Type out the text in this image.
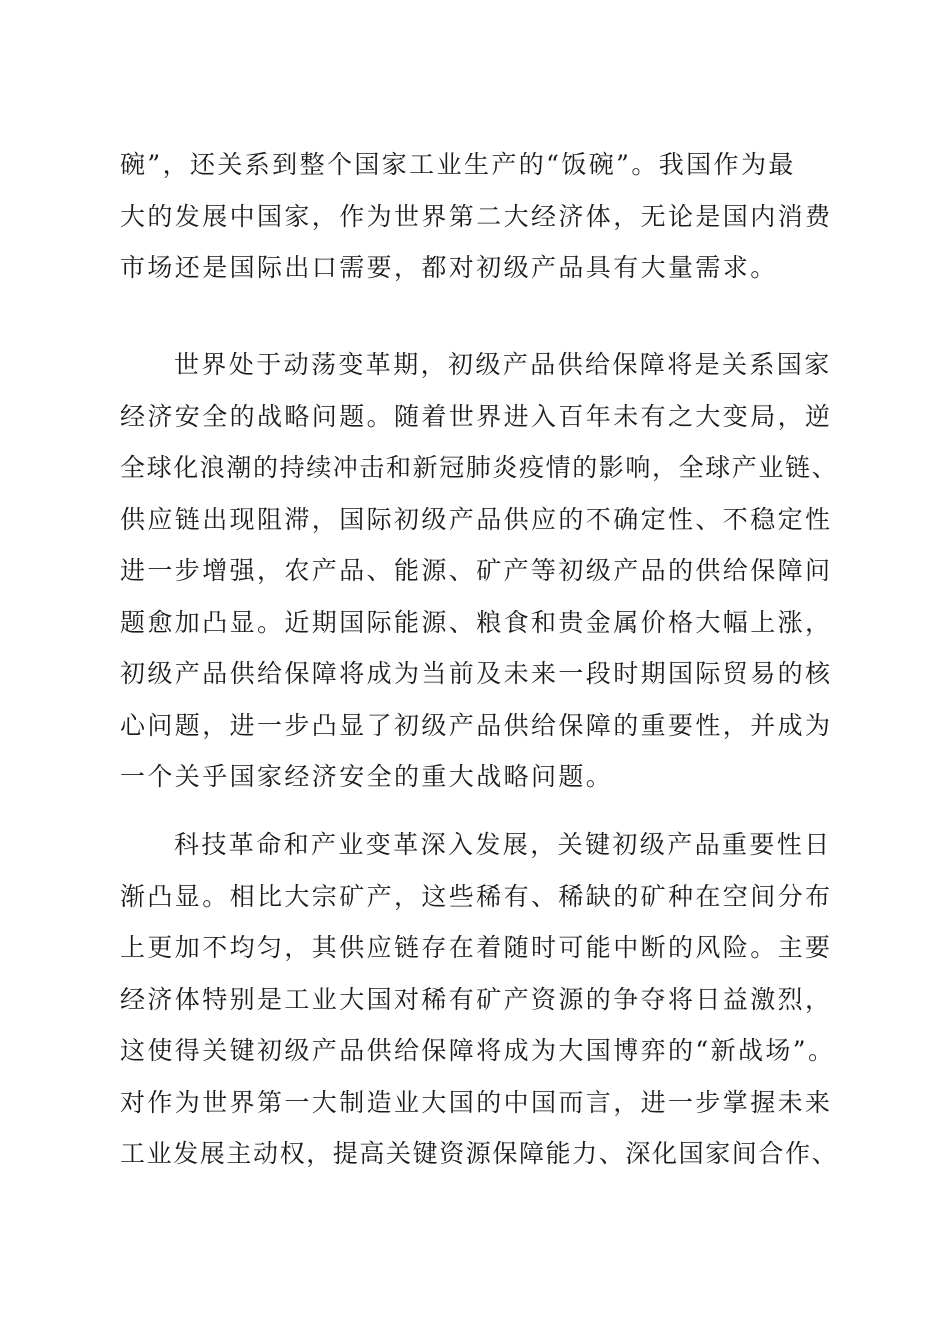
碗”，还关系到整个国家工业生产的“饭碗”。我国作为最
大的发展中国家，作为世界第二大经济体，无论是国内消费
市场还是国际出口需要，都对初级产品具有大量需求。
世界处于动荡变革期，初级产品供给保障将是关系国家
经济安全的战略问题。随着世界进入百年未有之大变局，逆
全球化浪潮的持续冲击和新冠肺炎疫情的影响，全球产业链、
供应链出现阻滞，国际初级产品供应的不确定性、不稳定性
进一步增强，农产品、能源、矿产等初级产品的供给保障问
题愈加凸显。近期国际能源、粮食和贵金属价格大幅上涨，
初级产品供给保障将成为当前及未来一段时期国际贸易的核
心问题，进一步凸显了初级产品供给保障的重要性，并成为
一个关乎国家经济安全的重大战略问题。
科技革命和产业变革深入发展，关键初级产品重要性日
渐凸显。相比大宗矿产，这些稀有、稀缺的矿种在空间分布
上更加不均匀，其供应链存在着随时可能中断的风险。主要
经济体特别是工业大国对稀有矿产资源的争夺将日益激烈，
这使得关键初级产品供给保障将成为大国博弈的“新战场”。
对作为世界第一大制造业大国的中国而言，进一步掌握未来
工业发展主动权，提高关键资源保障能力、深化国家间合作、
